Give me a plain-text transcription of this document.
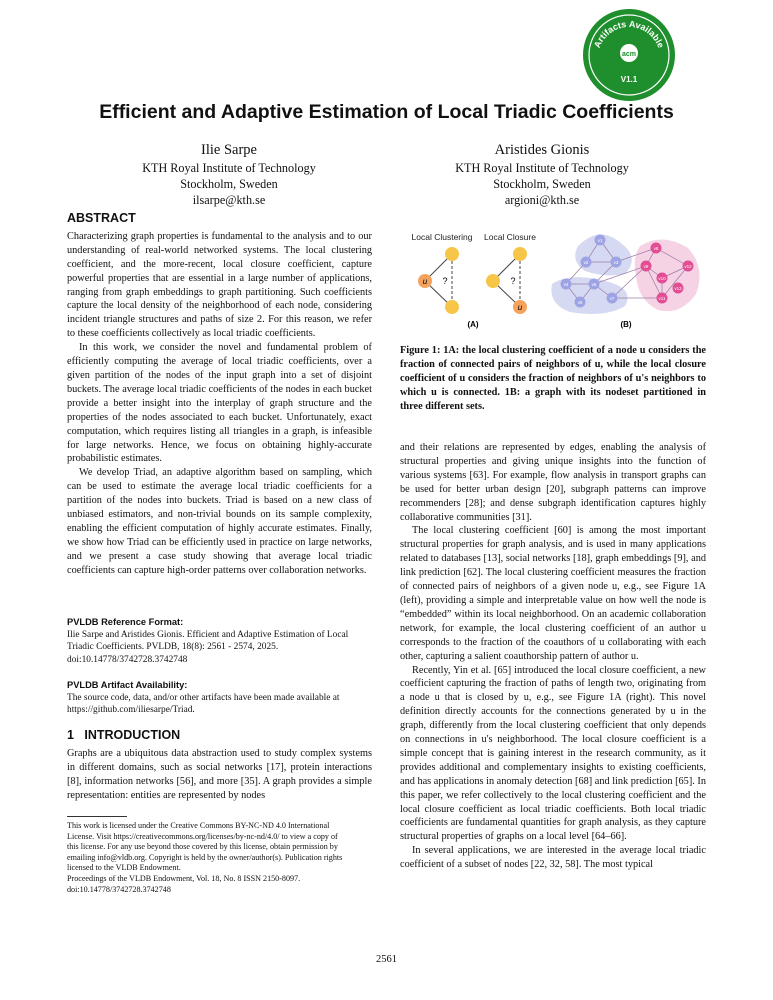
Artifacts Available
acm
V1.1
Efficient and Adaptive Estimation of Local Triadic Coefficients
Ilie Sarpe
KTH Royal Institute of Technology
Stockholm, Sweden
ilsarpe@kth.se
Aristides Gionis
KTH Royal Institute of Technology
Stockholm, Sweden
argioni@kth.se
ABSTRACT

Characterizing graph properties is fundamental to the analysis and to our understanding of real-world networked systems. The local clustering coefficient, and the more-recent, local closure coefficient, capture powerful properties that are essential in a large number of applications, ranging from graph embeddings to graph partitioning. Such coefficients capture the local density of the neighborhood of each node, considering incident triangle structures and paths of size 2. For this reason, we refer to these coefficients collectively as local triadic coefficients.

In this work, we consider the novel and fundamental problem of efficiently computing the average of local triadic coefficients, over a given partition of the nodes of the input graph into a set of disjoint buckets. The average local triadic coefficients of the nodes in each bucket provide a better insight into the interplay of graph structure and the properties of the nodes associated to each bucket. Unfortunately, exact computation, which requires listing all triangles in a graph, is infeasible for large networks. Hence, we focus on obtaining highly-accurate probabilistic estimates.

We develop Triad, an adaptive algorithm based on sampling, which can be used to estimate the average local triadic coefficients for a partition of the nodes into buckets. Triad is based on a new class of unbiased estimators, and non-trivial bounds on its sample complexity, enabling the efficient computation of highly accurate estimates. Finally, we show how Triad can be efficiently used in practice on large networks, and we present a case study showing that average local triadic coefficients can capture high-order patterns over collaboration networks.

PVLDB Reference Format:
Ilie Sarpe and Aristides Gionis. Efficient and Adaptive Estimation of Local
Triadic Coefficients. PVLDB, 18(8): 2561 - 2574, 2025.
doi:10.14778/3742728.3742748
PVLDB Artifact Availability:
The source code, data, and/or other artifacts have been made available at
https://github.com/iliesarpe/Triad.
1   INTRODUCTION

Graphs are a ubiquitous data abstraction used to study complex systems in different domains, such as social networks [17], protein interactions [8], information networks [56], and more [35]. A graph provides a simple representation: entities are represented by nodes

This work is licensed under the Creative Commons BY-NC-ND 4.0 International
License. Visit https://creativecommons.org/licenses/by-nc-nd/4.0/ to view a copy of
this license. For any use beyond those covered by this license, obtain permission by
emailing info@vldb.org. Copyright is held by the owner/author(s). Publication rights
licensed to the VLDB Endowment.
Proceedings of the VLDB Endowment, Vol. 18, No. 8 ISSN 2150-8097.
doi:10.14778/3742728.3742748
Local Clustering
u ?
Local Closure
u
?
(A)
v1
v2	v3
v4
v5
v6
v7
v8
v9
v10
v11
v12
v13
(B)
Figure 1: 1A: the local clustering coefficient of a node u considers the fraction of connected pairs of neighbors of u, while the local closure coefficient of u considers the fraction of neighbors of u's neighbors to which u is connected. 1B: a graph with its nodeset partitioned in three different sets.

and their relations are represented by edges, enabling the analysis of structural properties and giving unique insights into the function of various systems [63]. For example, flow analysis in transport graphs can be used for better urban design [20], subgraph patterns can improve recommenders [28]; and dense subgraph identification captures highly collaborative communities [31].

The local clustering coefficient [60] is among the most important structural properties for graph analysis, and is used in many applications related to databases [13], social networks [18], graph embeddings [9], and link prediction [62]. The local clustering coefficient measures the fraction of connected pairs of neighbors of a given node u, e.g., see Figure 1A (left), providing a simple and interpretable value on how well the node is “embedded” within its local neighborhood. On an academic collaboration network, for example, the local clustering coefficient of an author u corresponds to the fraction of the coauthors of u collaborating with each other, capturing a salient coauthorship pattern of author u.

Recently, Yin et al. [65] introduced the local closure coefficient, a new coefficient capturing the fraction of paths of length two, originating from a node u that is closed by u, e.g., see Figure 1A (right). This novel definition directly accounts for the connections generated by u in the graph, differently from the local clustering coefficient that only depends on connections in u's neighborhood. The local closure coefficient is a simple concept that is gaining interest in the research community, as it provides additional and complementary insights to existing coefficients, and has applications in anomaly detection [68] and link prediction [65]. In this paper, we refer collectively to the local clustering coefficient and the local closure coefficient as local triadic coefficients. Both local triadic coefficients are fundamental quantities for graph analysis, as they capture structural properties of graphs on a local level [64–66].

In several applications, we are interested in the average local triadic coefficient of a subset of nodes [22, 32, 58]. The most typical

2561
